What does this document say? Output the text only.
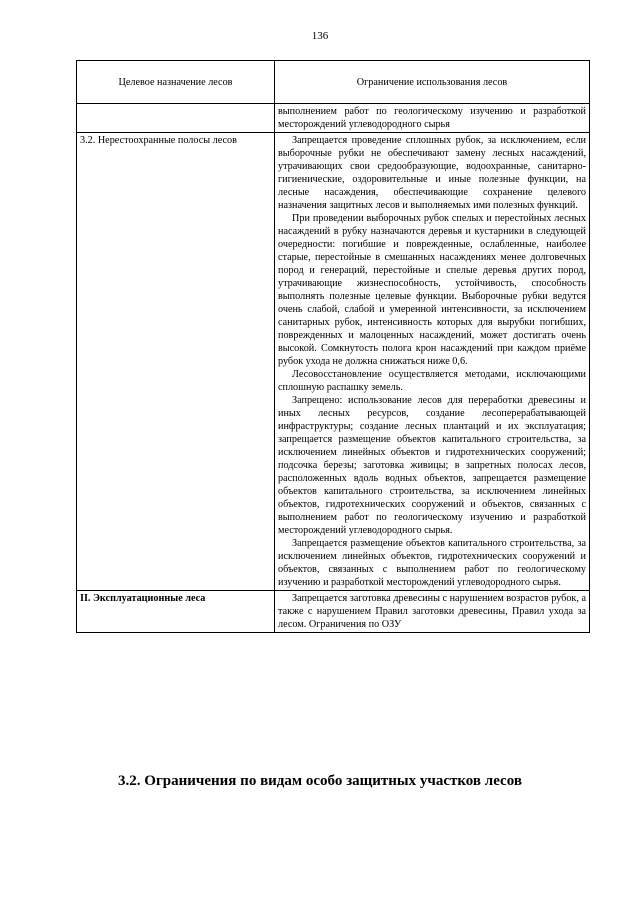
136
Целевое назначение лесов	Ограничение использования лесов

	выполнением работ по геологическому изучению и разработкой месторождений углеводородного сырья

3.2. Нерестоохранные полосы лесов	Запрещается проведение сплошных рубок, за исключением, если выборочные рубки не обеспечивают замену лесных насаждений, утрачивающих свои средообразующие, водоохранные, санитарно-гигиенические, оздоровительные и иные полезные функции, на лесные насаждения, обеспечивающие сохранение целевого назначения защитных лесов и выполняемых ими полезных функций.

При проведении выборочных рубок спелых и перестойных лесных насаждений в рубку назначаются деревья и кустарники в следующей очередности: погибшие и поврежденные, ослабленные, наиболее старые, перестойные в смешанных насаждениях менее долговечных пород и генераций, перестойные и спелые деревья других пород, утрачивающие жизнеспособность, устойчивость, способность выполнять полезные целевые функции. Выборочные рубки ведутся очень слабой, слабой и умеренной интенсивности, за исключением санитарных рубок, интенсивность которых для вырубки погибших, поврежденных и малоценных насаждений, может достигать очень высокой. Сомкнутость полога крон насаждений при каждом приёме рубок ухода не должна снижаться ниже 0,6.

Лесовосстановление осуществляется методами, исключающими сплошную распашку земель.

Запрещено: использование лесов для переработки древесины и иных лесных ресурсов, создание лесоперерабатывающей инфраструктуры; создание лесных плантаций и их эксплуатация; запрещается размещение объектов капитального строительства, за исключением линейных объектов и гидротехнических сооружений; подсочка березы; заготовка живицы; в запретных полосах лесов, расположенных вдоль водных объектов, запрещается размещение объектов капитального строительства, за исключением линейных объектов, гидротехнических сооружений и объектов, связанных с выполнением работ по геологическому изучению и разработкой месторождений углеводородного сырья.

Запрещается размещение объектов капитального строительства, за исключением линейных объектов, гидротехнических сооружений и объектов, связанных с выполнением работ по геологическому изучению и разработкой месторождений углеводородного сырья.

II. Эксплуатационные леса	Запрещается заготовка древесины с нарушением возрастов рубок, а также с нарушением Правил заготовки древесины, Правил ухода за лесом. Ограничения по ОЗУ

3.2. Ограничения по видам особо защитных участков лесов
